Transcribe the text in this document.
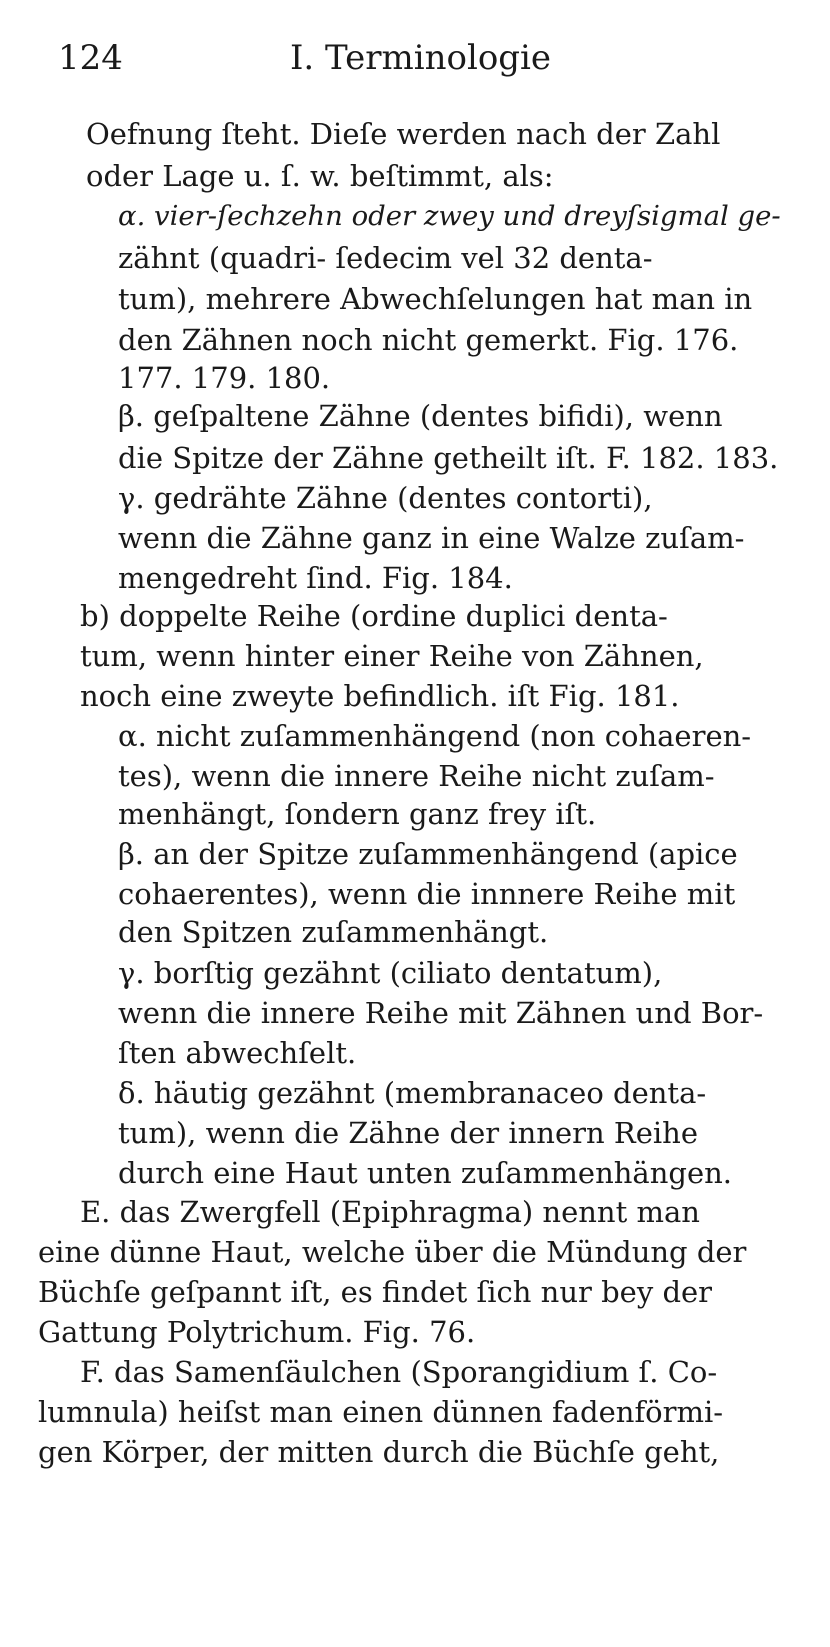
124	I. Terminologie
Oefnung ſteht. Dieſe werden nach der Zahl
oder Lage u. ſ. w. beſtimmt, als:
α. vier-ſechzehn oder zwey und dreyſsigmal ge-
zähnt (quadri- ſedecim vel 32 denta-
tum), mehrere Abwechſelungen hat man in
den Zähnen noch nicht gemerkt. Fig. 176.
177. 179. 180.
β. geſpaltene Zähne (dentes bifidi), wenn
die Spitze der Zähne getheilt iſt. F. 182. 183.
γ. gedrähte Zähne (dentes contorti),
wenn die Zähne ganz in eine Walze zuſam-
mengedreht ſind. Fig. 184.
b) doppelte Reihe (ordine duplici denta-
tum, wenn hinter einer Reihe von Zähnen,
noch eine zweyte befindlich. iſt Fig. 181.
α. nicht zuſammenhängend (non cohaeren-
tes), wenn die innere Reihe nicht zuſam-
menhängt, ſondern ganz frey iſt.
β. an der Spitze zuſammenhängend (apice
cohaerentes), wenn die innnere Reihe mit
den Spitzen zuſammenhängt.
γ. borſtig gezähnt (ciliato dentatum),
wenn die innere Reihe mit Zähnen und Bor-
ſten abwechſelt.
δ. häutig gezähnt (membranaceo denta-
tum), wenn die Zähne der innern Reihe
durch eine Haut unten zuſammenhängen.
E. das Zwergfell (Epiphragma) nennt man
eine dünne Haut, welche über die Mündung der
Büchſe geſpannt iſt, es findet ſich nur bey der
Gattung Polytrichum. Fig. 76.
F. das Samenſäulchen (Sporangidium ſ. Co-
lumnula) heiſst man einen dünnen fadenförmi-
gen Körper, der mitten durch die Büchſe geht,
